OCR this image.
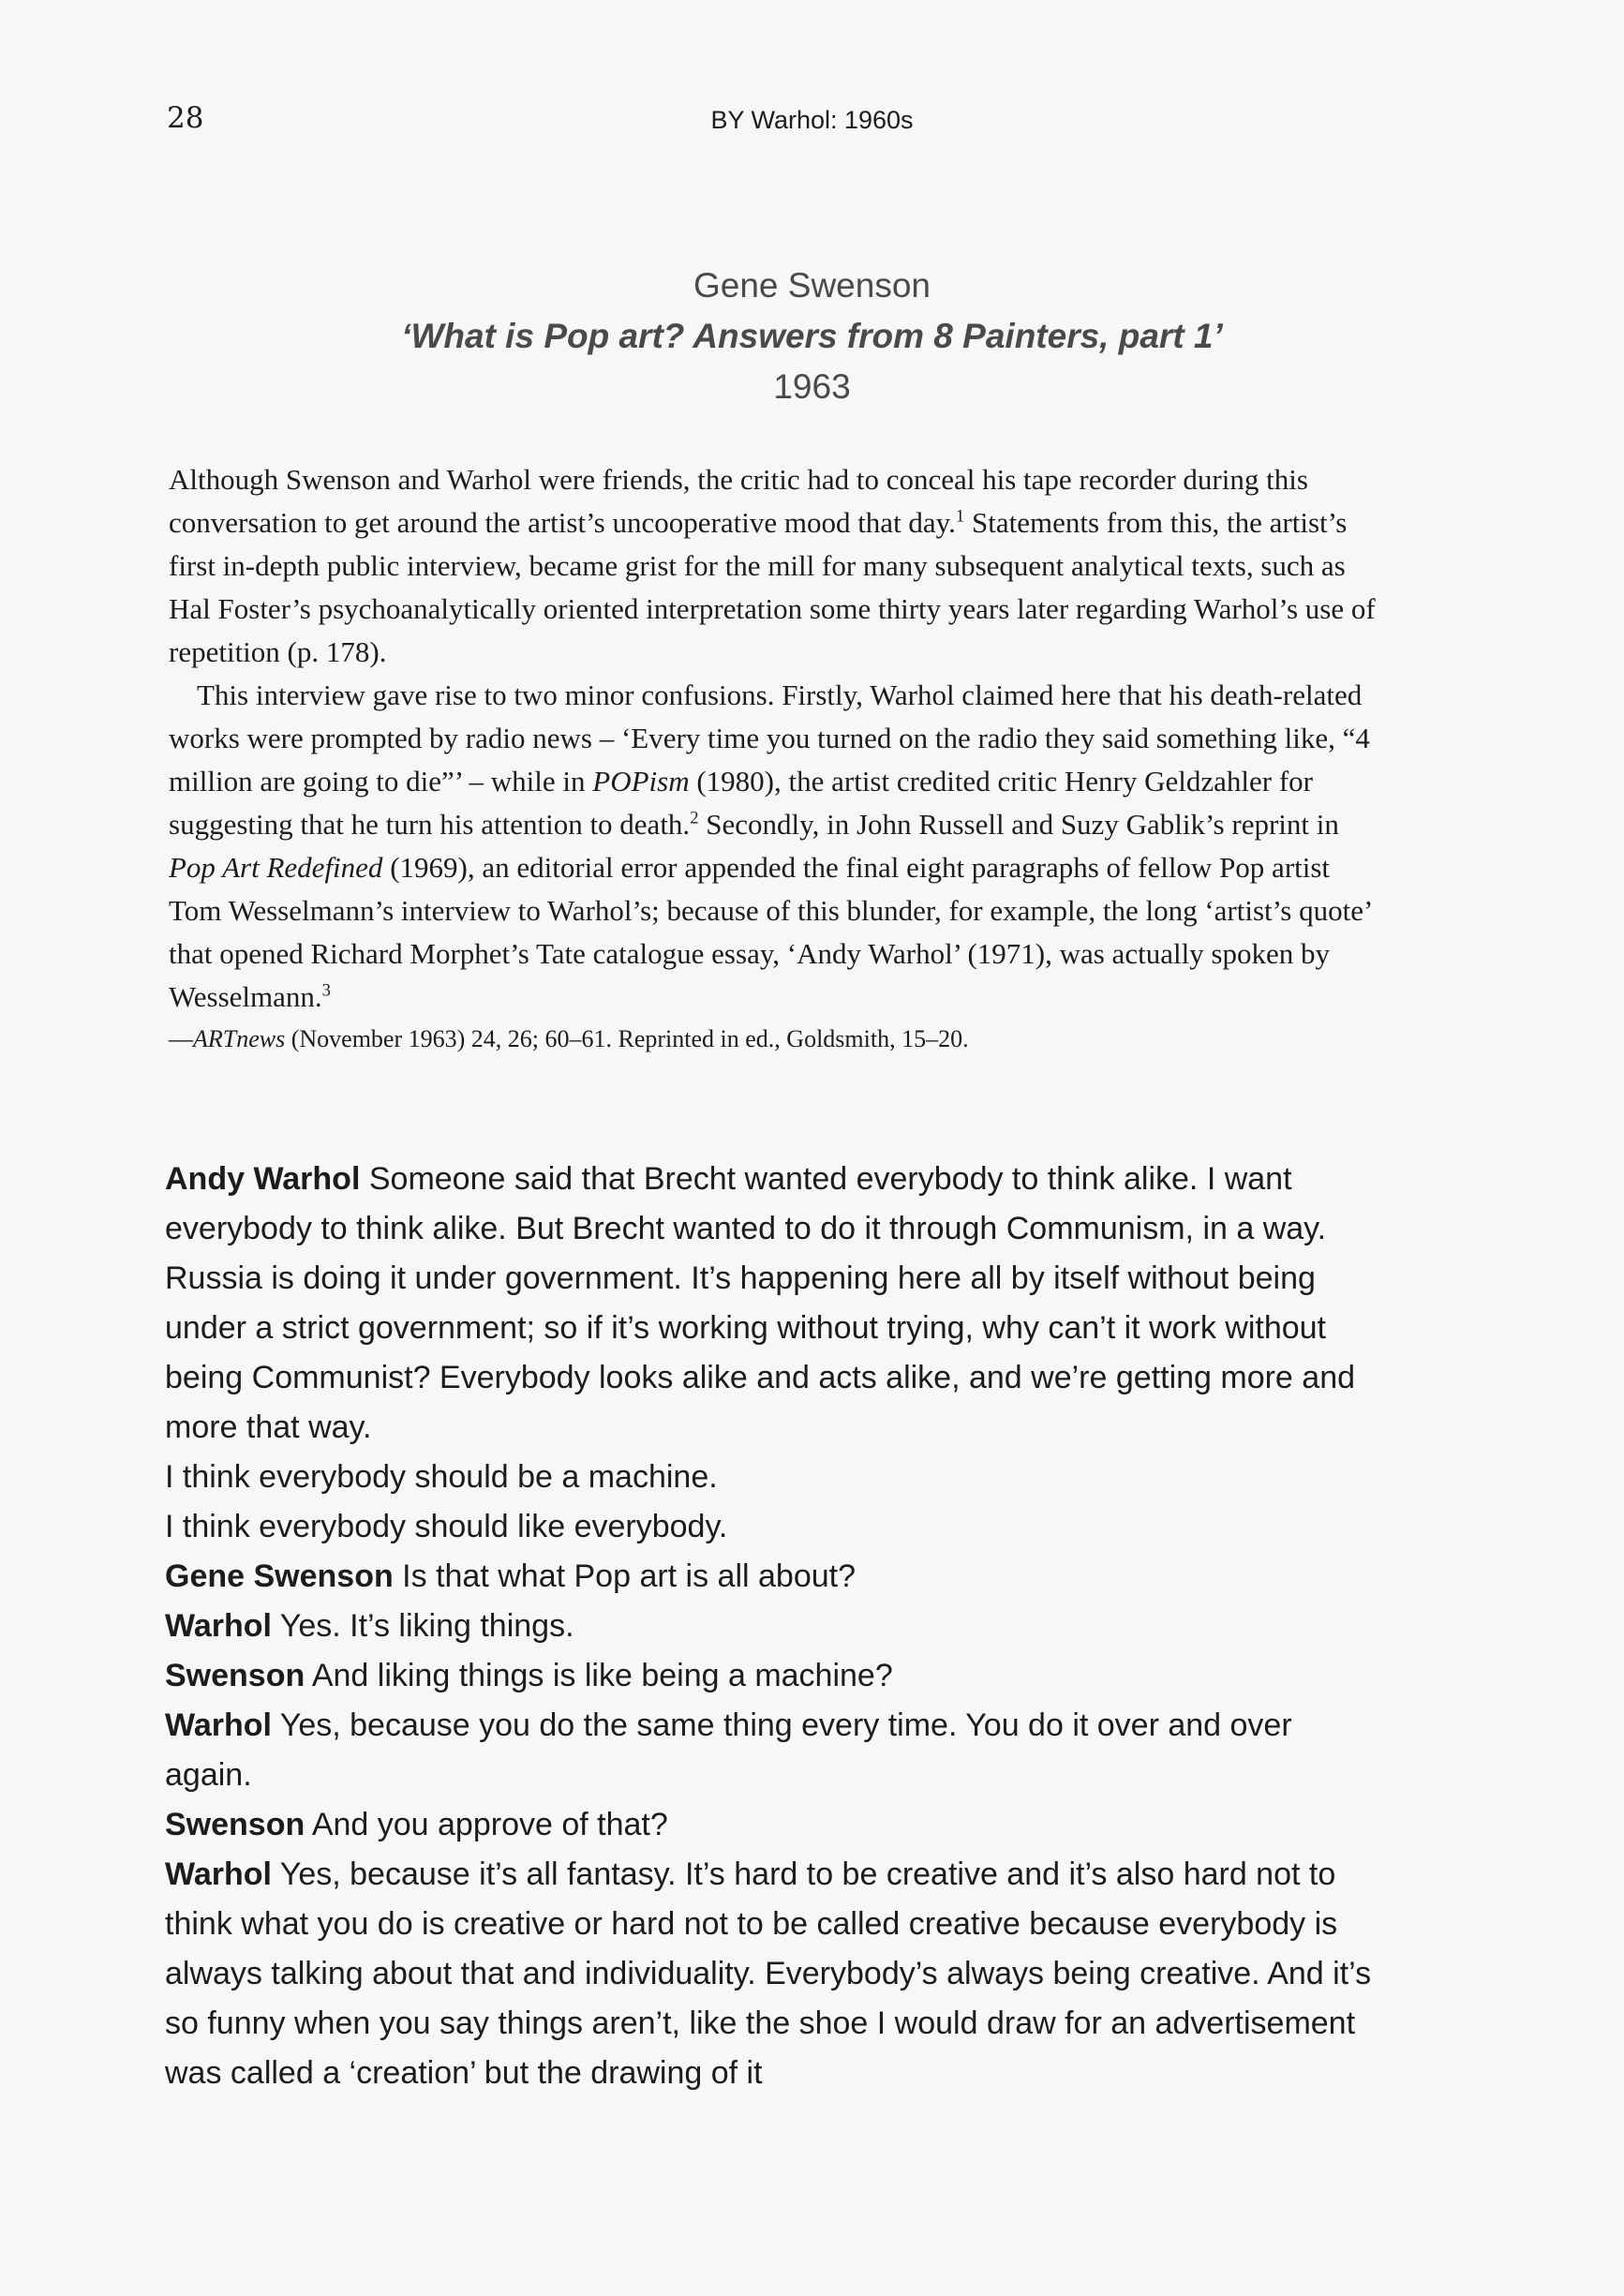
28	BY Warhol: 1960s
Gene Swenson
‘What is Pop art? Answers from 8 Painters, part 1’
1963

Although Swenson and Warhol were friends, the critic had to conceal his tape recorder during this conversation to get around the artist’s uncooperative mood that day.$^1$ Statements from this, the artist’s first in-depth public interview, became grist for the mill for many subsequent analytical texts, such as Hal Foster’s psychoanalytically oriented interpretation some thirty years later regarding Warhol’s use of repetition (p. 178).

This interview gave rise to two minor confusions. Firstly, Warhol claimed here that his death-related works were prompted by radio news – ‘Every time you turned on the radio they said something like, “4 million are going to die”’ – while in POPism (1980), the artist credited critic Henry Geldzahler for suggesting that he turn his attention to death.$^2$ Secondly, in John Russell and Suzy Gablik’s reprint in Pop Art Redefined (1969), an editorial error appended the final eight paragraphs of fellow Pop artist Tom Wesselmann’s interview to Warhol’s; because of this blunder, for example, the long ‘artist’s quote’ that opened Richard Morphet’s Tate catalogue essay, ‘Andy Warhol’ (1971), was actually spoken by Wesselmann.$^3$

—ARTnews (November 1963) 24, 26; 60–61. Reprinted in ed., Goldsmith, 15–20.

Andy Warhol Someone said that Brecht wanted everybody to think alike. I want everybody to think alike. But Brecht wanted to do it through Communism, in a way. Russia is doing it under government. It’s happening here all by itself without being under a strict government; so if it’s working without trying, why can’t it work without being Communist? Everybody looks alike and acts alike, and we’re getting more and more that way.

I think everybody should be a machine.

I think everybody should like everybody.

Gene Swenson Is that what Pop art is all about?

Warhol Yes. It’s liking things.

Swenson And liking things is like being a machine?

Warhol Yes, because you do the same thing every time. You do it over and over again.

Swenson And you approve of that?

Warhol Yes, because it’s all fantasy. It’s hard to be creative and it’s also hard not to think what you do is creative or hard not to be called creative because everybody is always talking about that and individuality. Everybody’s always being creative. And it’s so funny when you say things aren’t, like the shoe I would draw for an advertisement was called a ‘creation’ but the drawing of it
